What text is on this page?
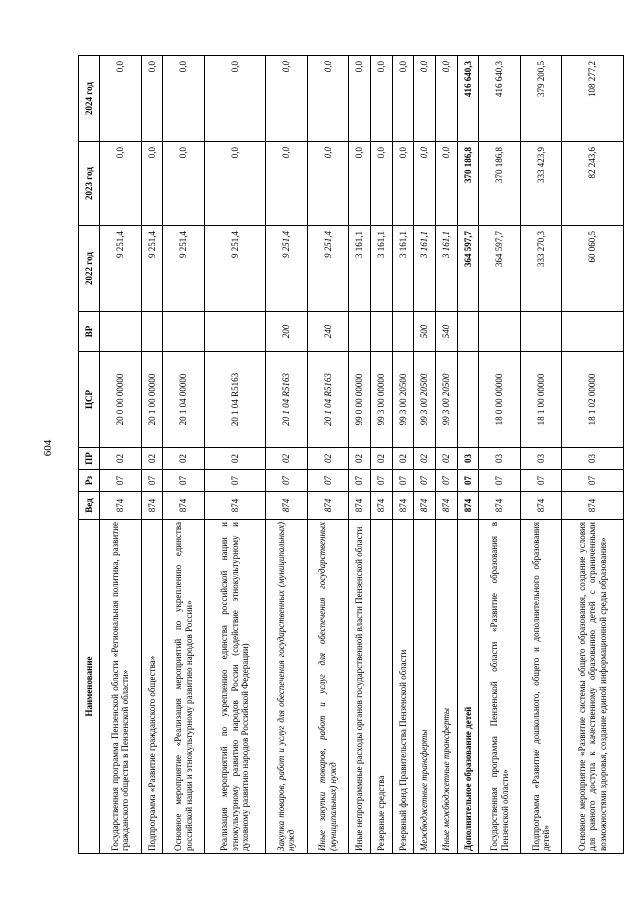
604
Наименование	Вед	Рз	ПР	ЦСР	ВР	2022 год	2023 год	2024 год
Государственная программа Пензенской области «Региональная политика, развитие гражданского общества в Пензенской области»	874	07	02	20 0 00 00000		9 251,4	0,0	0,0
Подпрограмма «Развитие гражданского общества»	874	07	02	20 1 00 00000		9 251,4	0,0	0,0
Основное мероприятие «Реализация мероприятий по укреплению единства российской нации и этнокультурному развитию народов России»	874	07	02	20 1 04 00000		9 251,4	0,0	0,0
Реализация мероприятий по укреплению единства российской нации и этнокультурному развитию народов России (содействие этнокультурному и духовному развитию народов Российской Федерации)	874	07	02	20 1 04 R5163		9 251,4	0,0	0,0
Закупка товаров, работ и услуг для обеспечения государственных (муниципальных) нужд	874	07	02	20 1 04 R5163	200	9 251,4	0,0	0,0
Иные закупки товаров, работ и услуг для обеспечения государственных (муниципальных) нужд	874	07	02	20 1 04 R5163	240	9 251,4	0,0	0,0
Иные непрограммные расходы органов государственной власти Пензенской области	874	07	02	99 0 00 00000		3 161,1	0,0	0,0
Резервные средства	874	07	02	99 3 00 00000		3 161,1	0,0	0,0
Резервный фонд Правительства Пензенской области	874	07	02	99 3 00 20500		3 161,1	0,0	0,0
Межбюджетные трансферты	874	07	02	99 3 00 20500	500	3 161,1	0,0	0,0
Иные межбюджетные трансферты	874	07	02	99 3 00 20500	540	3 161,1	0,0	0,0
Дополнительное образование детей	874	07	03			364 597,7	370 186,8	416 640,3
Государственная программа Пензенской области «Развитие образования в Пензенской области»	874	07	03	18 0 00 00000		364 597,7	370 186,8	416 640,3
Подпрограмма «Развитие дошкольного, общего и дополнительного образования детей»	874	07	03	18 1 00 00000		333 270,3	333 423,9	379 200,5
Основное мероприятие «Развитие системы общего образования, создание условия для равного доступа к качественному образованию детей с ограниченными возможностями здоровья, создание единой информационной среды образования»	874	07	03	18 1 02 00000		60 060,5	82 243,6	108 277,2
